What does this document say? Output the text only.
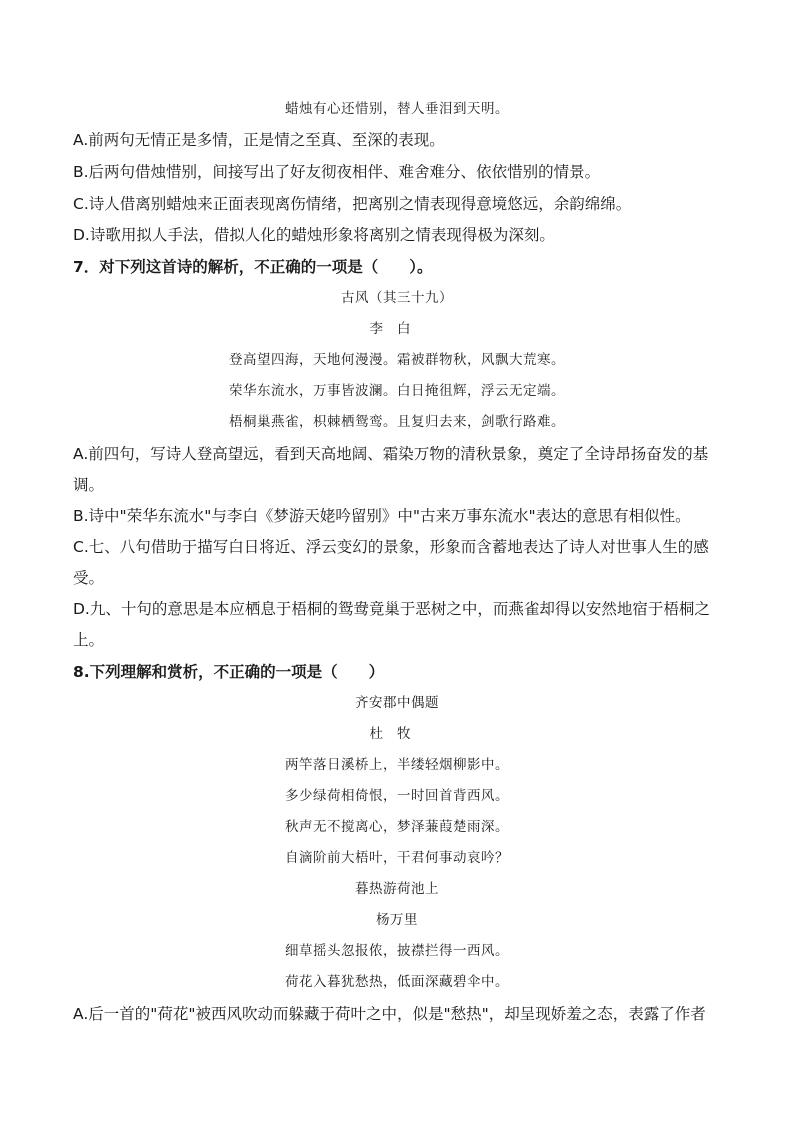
蜡烛有心还惜别，替人垂泪到天明。
A.前两句无情正是多情，正是情之至真、至深的表现。
B.后两句借烛惜别，间接写出了好友彻夜相伴、难舍难分、依依惜别的情景。
C.诗人借离别蜡烛来正面表现离伤情绪，把离别之情表现得意境悠远，余韵绵绵。
D.诗歌用拟人手法，借拟人化的蜡烛形象将离别之情表现得极为深刻。
7．对下列这首诗的解析，不正确的一项是（　　）。
古风（其三十九）
李白
登高望四海，天地何漫漫。霜被群物秋，风飘大荒寒。
荣华东流水，万事皆波澜。白日掩徂辉，浮云无定端。
梧桐巢燕雀，枳棘栖鸳鸾。且复归去来，剑歌行路难。
A.前四句，写诗人登高望远，看到天高地阔、霜染万物的清秋景象，奠定了全诗昂扬奋发的基
调。
B.诗中"荣华东流水"与李白《梦游天姥吟留别》中"古来万事东流水"表达的意思有相似性。
C.七、八句借助于描写白日将近、浮云变幻的景象，形象而含蓄地表达了诗人对世事人生的感
受。
D.九、十句的意思是本应栖息于梧桐的鸳鸯竟巢于恶树之中，而燕雀却得以安然地宿于梧桐之
上。
8.下列理解和赏析，不正确的一项是（　　）
齐安郡中偶题
杜牧
两竿落日溪桥上，半缕轻烟柳影中。
多少绿荷相倚恨，一时回首背西风。
秋声无不搅离心，梦泽蒹葭楚雨深。
自滴阶前大梧叶，干君何事动哀吟？
暮热游荷池上
杨万里
细草摇头忽报侬，披襟拦得一西风。
荷花入暮犹愁热，低面深藏碧伞中。
A.后一首的"荷花"被西风吹动而躲藏于荷叶之中，似是"愁热"，却呈现娇羞之态，表露了作者
